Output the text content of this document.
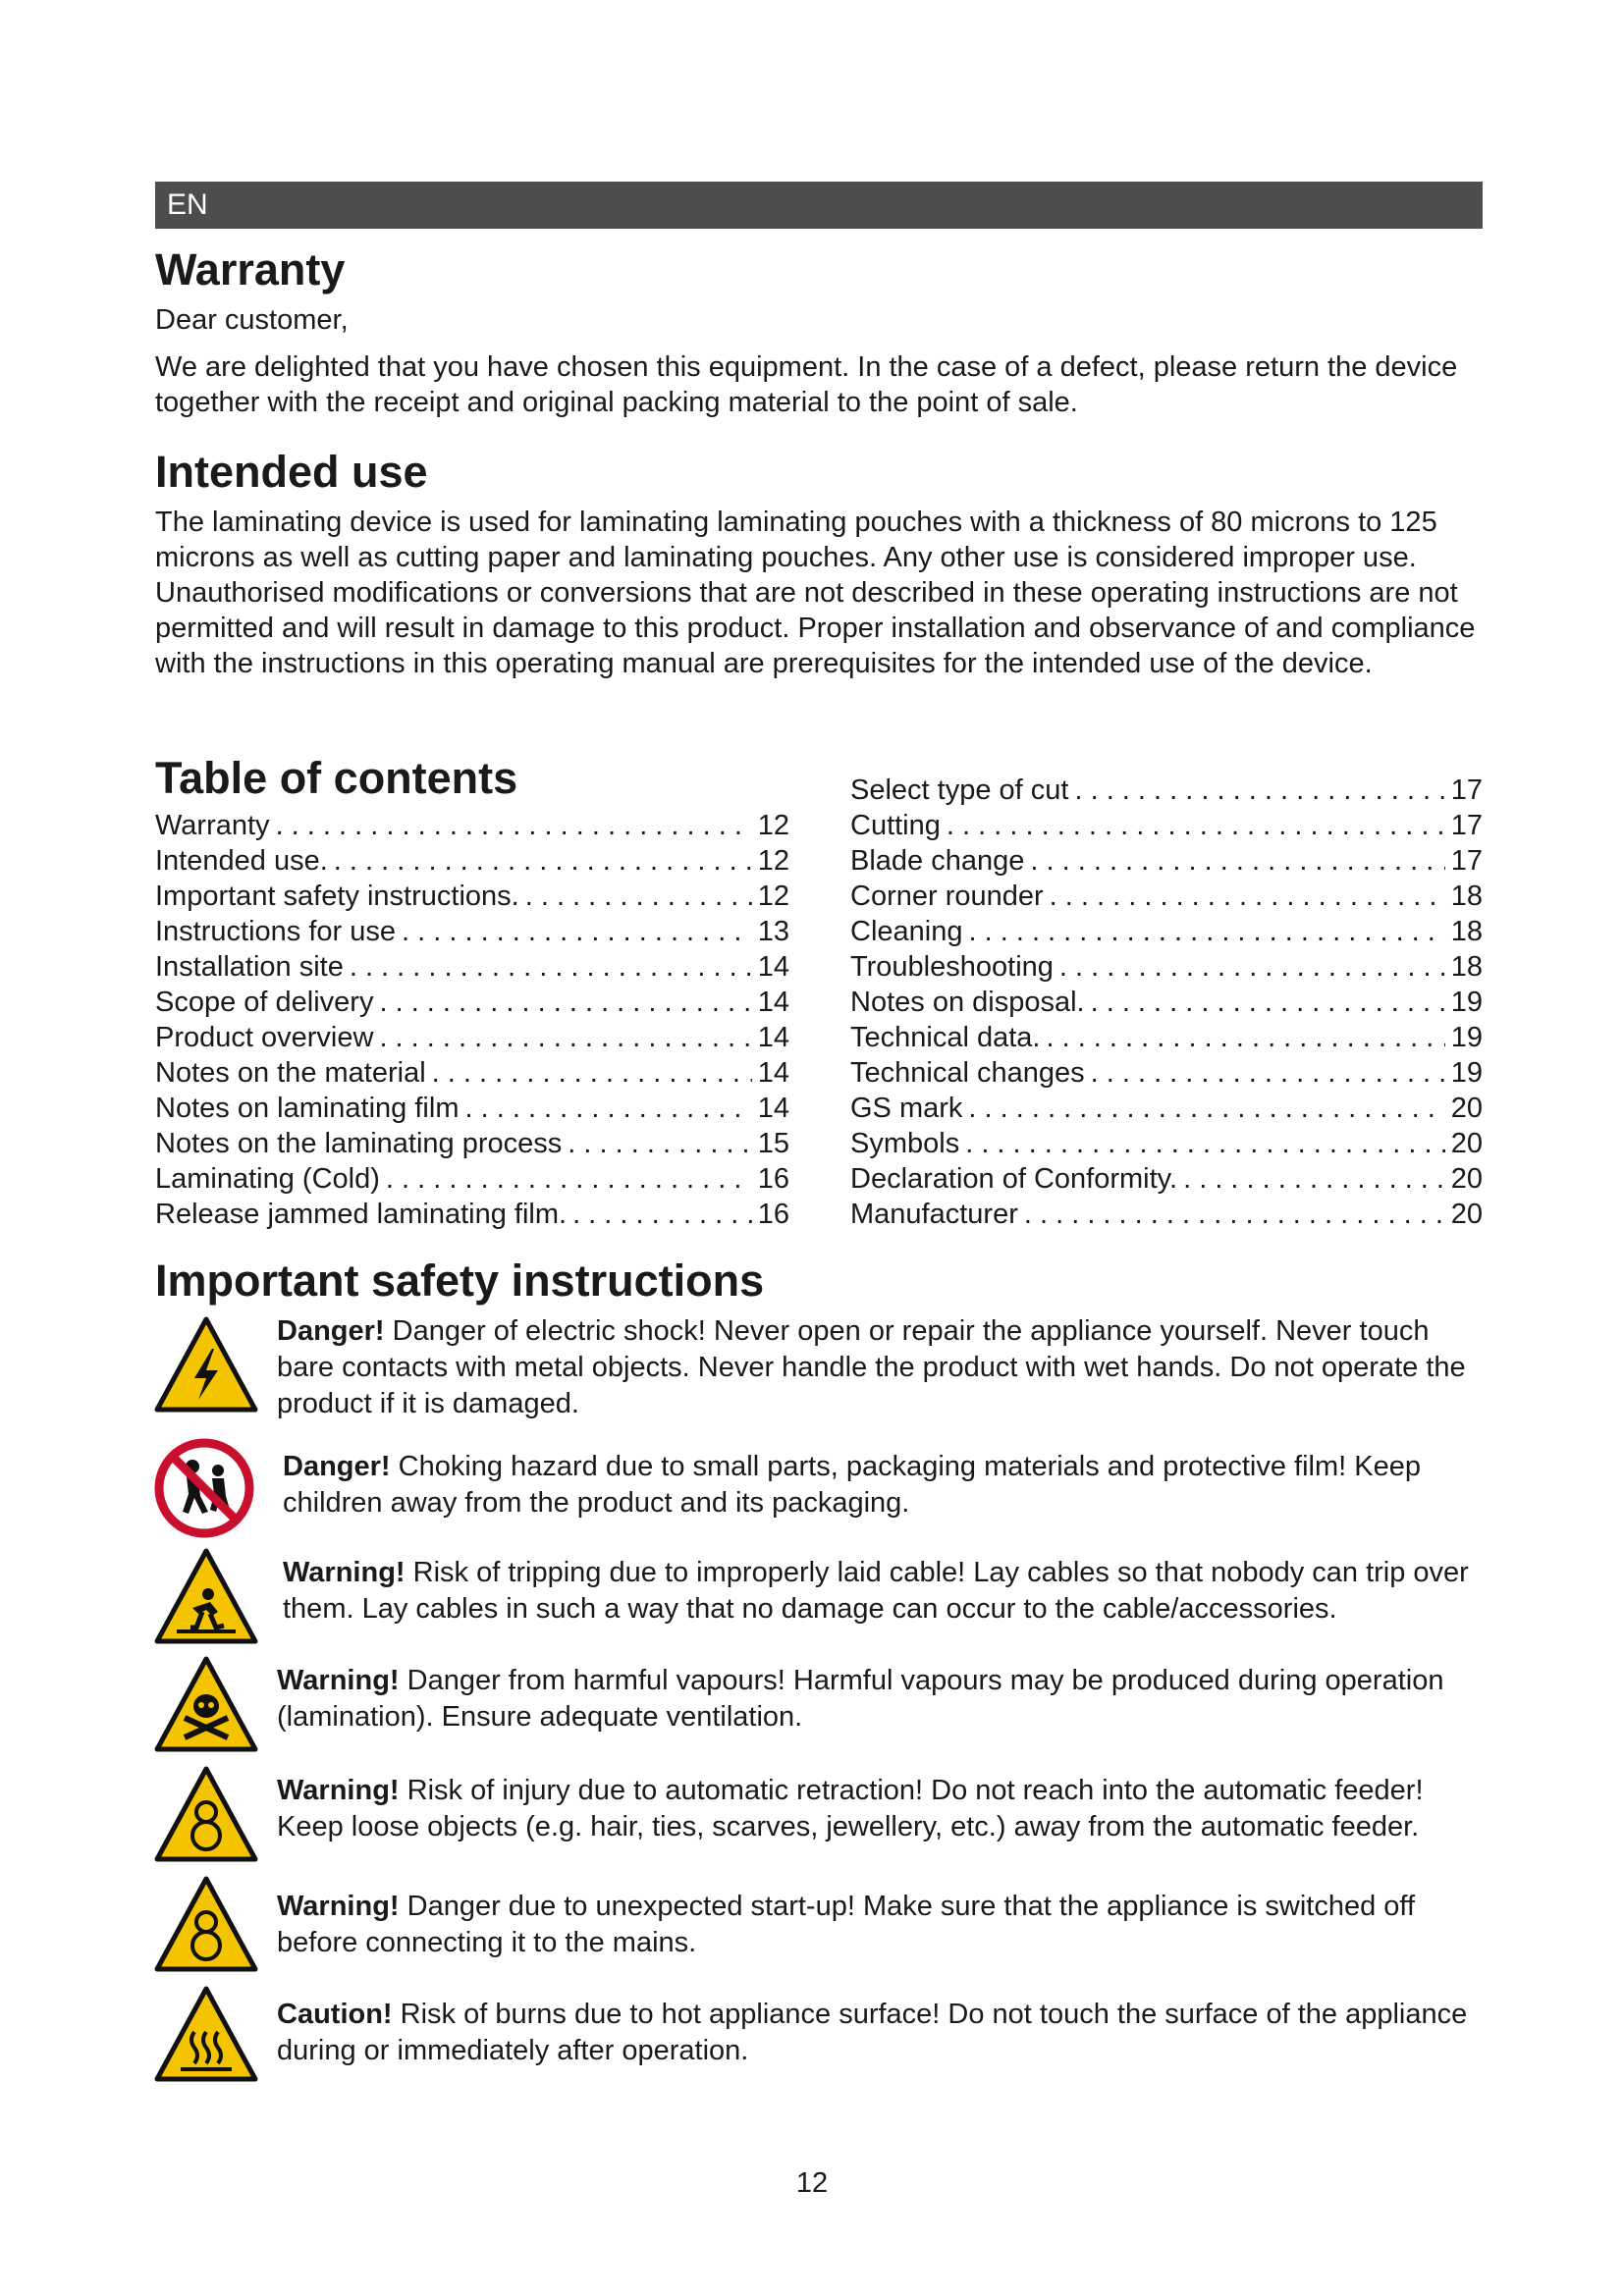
EN
Warranty

Dear customer,

We are delighted that you have chosen this equipment. In the case of a defect, please return the device together with the receipt and original packing material to the point of sale.

Intended use

The laminating device is used for laminating laminating pouches with a thickness of 80 microns to 125 microns as well as cutting paper and laminating pouches. Any other use is considered improper use. Unauthorised modifications or conversions that are not described in these operating instructions are not permitted and will result in damage to this product. Proper installation and observance of and compliance with the instructions in this operating manual are prerequisites for the intended use of the device.

Table of contents
Warranty . . .	12
Intended use. . . .	12
Important safety instructions. . . .	12
Instructions for use . . .	13
Installation site . . .	14
Scope of delivery . . .	14
Product overview . . .	14
Notes on the material . . .	14
Notes on laminating film . . .	14
Notes on the laminating process . . .	15
Laminating (Cold) . . .	16
Release jammed laminating film. . . .	16
Select type of cut . . .	17
Cutting . . .	17
Blade change . . .	17
Corner rounder . . .	18
Cleaning . . .	18
Troubleshooting . . .	18
Notes on disposal. . . .	19
Technical data. . . .	19
Technical changes . . .	19
GS mark . . .	20
Symbols . . .	20
Declaration of Conformity. . . .	20
Manufacturer . . .	20
Important safety instructions

Danger! Danger of electric shock! Never open or repair the appliance yourself. Never touch bare contacts with metal objects. Never handle the product with wet hands. Do not operate the product if it is damaged.

Danger! Choking hazard due to small parts, packaging materials and protective film! Keep children away from the product and its packaging.

Warning! Risk of tripping due to improperly laid cable! Lay cables so that nobody can trip over them. Lay cables in such a way that no damage can occur to the cable/accessories.

Warning! Danger from harmful vapours! Harmful vapours may be produced during operation (lamination). Ensure adequate ventilation.

Warning! Risk of injury due to automatic retraction! Do not reach into the automatic feeder! Keep loose objects (e.g. hair, ties, scarves, jewellery, etc.) away from the automatic feeder.

Warning! Danger due to unexpected start-up! Make sure that the appliance is switched off before connecting it to the mains.

Caution! Risk of burns due to hot appliance surface! Do not touch the surface of the appliance during or immediately after operation.

12
